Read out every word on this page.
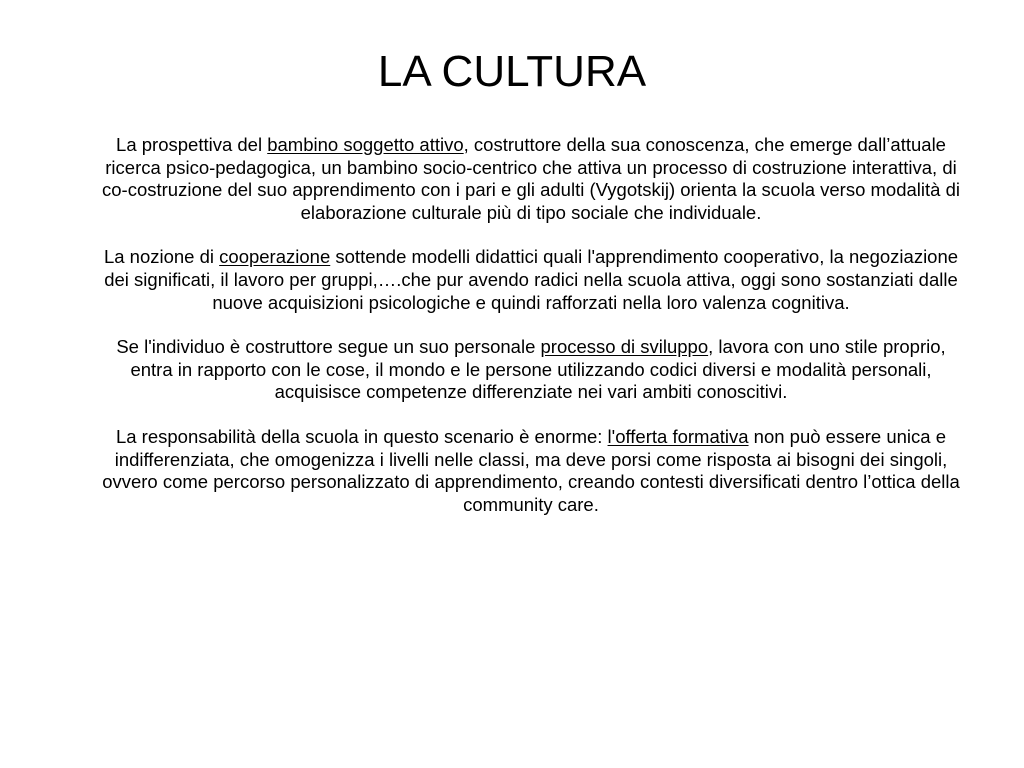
LA CULTURA

La prospettiva del bambino soggetto attivo, costruttore della sua conoscenza, che emerge dall’attuale ricerca psico-pedagogica, un bambino socio-centrico che attiva un processo di costruzione interattiva, di co-costruzione del suo apprendimento con i pari e gli adulti (Vygotskij) orienta la scuola verso modalità di elaborazione culturale più di tipo sociale che individuale.

La nozione di cooperazione sottende modelli didattici quali l'apprendimento cooperativo, la negoziazione dei significati, il lavoro per gruppi,….che pur avendo radici nella scuola attiva, oggi sono sostanziati dalle nuove acquisizioni psicologiche e quindi rafforzati nella loro valenza cognitiva.

Se l'individuo è costruttore segue un suo personale processo di sviluppo, lavora con uno stile proprio, entra in rapporto con le cose, il mondo e le persone utilizzando codici diversi e modalità personali, acquisisce competenze differenziate nei vari ambiti conoscitivi.

La responsabilità della scuola in questo scenario è enorme: l'offerta formativa non può essere unica e indifferenziata, che omogenizza i livelli nelle classi, ma deve porsi come risposta ai bisogni dei singoli, ovvero come percorso personalizzato di apprendimento, creando contesti diversificati dentro l’ottica della community care.
